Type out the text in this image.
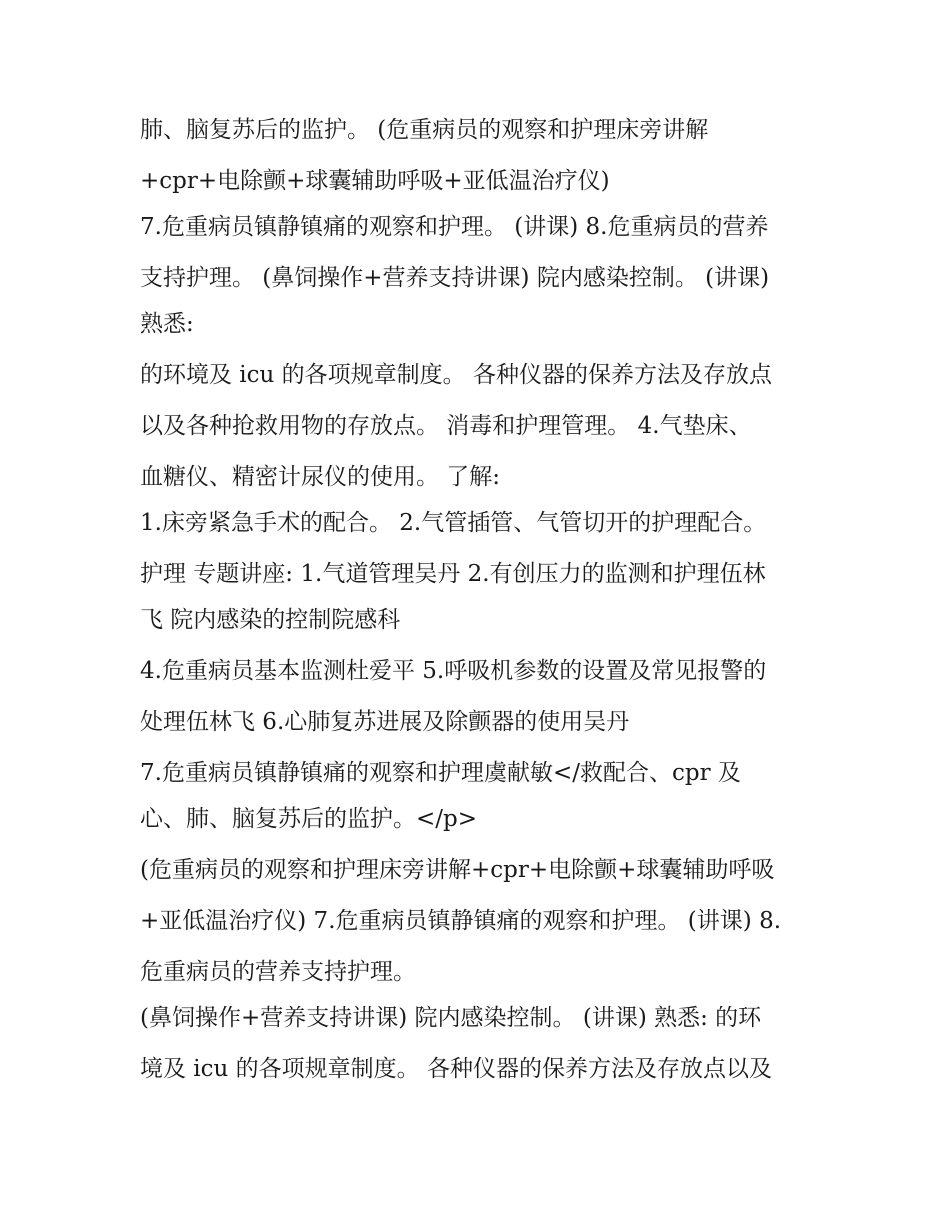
肺、脑复苏后的监护。 (危重病员的观察和护理床旁讲解
+cpr+电除颤+球囊辅助呼吸+亚低温治疗仪)
7.危重病员镇静镇痛的观察和护理。 (讲课) 8.危重病员的营养
支持护理。 (鼻饲操作+营养支持讲课) 院内感染控制。 (讲课)
熟悉:
的环境及 icu 的各项规章制度。 各种仪器的保养方法及存放点
以及各种抢救用物的存放点。 消毒和护理管理。 4.气垫床、
血糖仪、精密计尿仪的使用。 了解:
1.床旁紧急手术的配合。 2.气管插管、气管切开的护理配合。
护理 专题讲座: 1.气道管理吴丹 2.有创压力的监测和护理伍林
飞 院内感染的控制院感科
4.危重病员基本监测杜爱平 5.呼吸机参数的设置及常见报警的
处理伍林飞 6.心肺复苏进展及除颤器的使用吴丹
7.危重病员镇静镇痛的观察和护理虞献敏</救配合、cpr 及
心、肺、脑复苏后的监护。</p>
(危重病员的观察和护理床旁讲解+cpr+电除颤+球囊辅助呼吸
+亚低温治疗仪) 7.危重病员镇静镇痛的观察和护理。 (讲课) 8.
危重病员的营养支持护理。
(鼻饲操作+营养支持讲课) 院内感染控制。 (讲课) 熟悉: 的环
境及 icu 的各项规章制度。 各种仪器的保养方法及存放点以及
